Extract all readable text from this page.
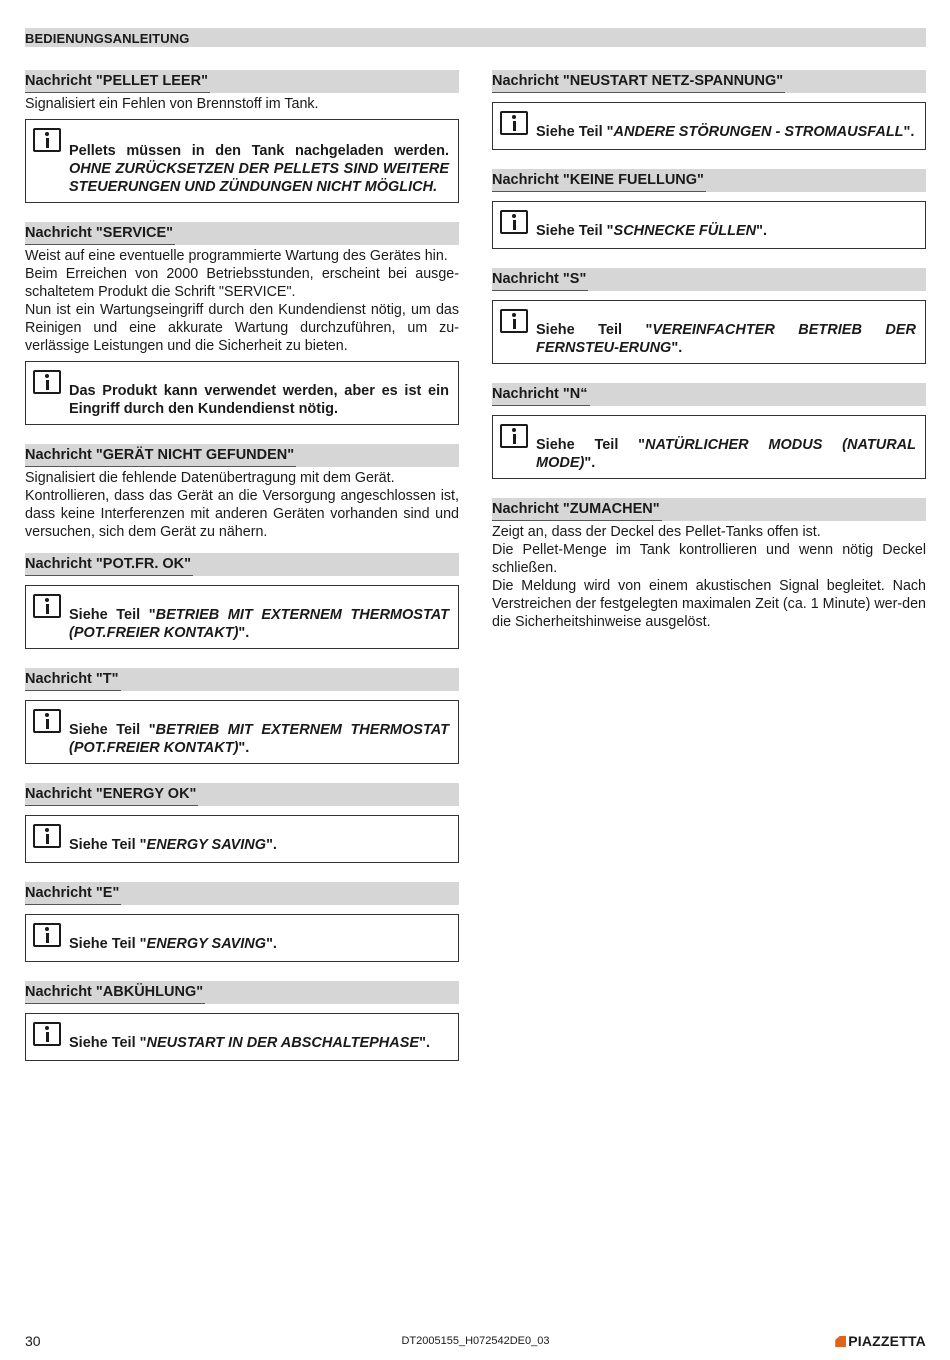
BEDIENUNGSANLEITUNG
Nachricht "PELLET LEER"

Signalisiert ein Fehlen von Brennstoff im Tank.

Pellets müssen in den Tank nachgeladen werden. OHNE ZURÜCKSETZEN DER PELLETS SIND WEITERE STEUERUNGEN UND ZÜNDUNGEN NICHT MÖGLICH.
Nachricht "SERVICE"

Weist auf eine eventuelle programmierte Wartung des Gerätes hin.

Beim Erreichen von 2000 Betriebsstunden, erscheint bei ausge-schaltetem Produkt die Schrift "SERVICE".

Nun ist ein Wartungseingriff durch den Kundendienst nötig, um das Reinigen und eine akkurate Wartung durchzuführen, um zu-verlässige Leistungen und die Sicherheit zu bieten.

Das Produkt kann verwendet werden, aber es ist ein Eingriff durch den Kundendienst nötig.
Nachricht "GERÄT NICHT GEFUNDEN"

Signalisiert die fehlende Datenübertragung mit dem Gerät.

Kontrollieren, dass das Gerät an die Versorgung angeschlossen ist, dass keine Interferenzen mit anderen Geräten vorhanden sind und versuchen, sich dem Gerät zu nähern.

Nachricht "POT.FR. OK"
Siehe Teil "BETRIEB MIT EXTERNEM THERMOSTAT (POT.FREIER KONTAKT)".
Nachricht "T"
Siehe Teil "BETRIEB MIT EXTERNEM THERMOSTAT (POT.FREIER KONTAKT)".
Nachricht "ENERGY OK"
Siehe Teil "ENERGY SAVING".
Nachricht "E"
Siehe Teil "ENERGY SAVING".
Nachricht "ABKÜHLUNG"
Siehe Teil "NEUSTART IN DER ABSCHALTEPHASE".
Nachricht "NEUSTART NETZ-SPANNUNG"
Siehe Teil "ANDERE STÖRUNGEN - STROMAUSFALL".
Nachricht "KEINE FUELLUNG"
Siehe Teil "SCHNECKE FÜLLEN".
Nachricht "S"
Siehe Teil "VEREINFACHTER BETRIEB DER FERNSTEU-ERUNG".
Nachricht "N“
Siehe Teil "NATÜRLICHER MODUS (NATURAL MODE)".
Nachricht "ZUMACHEN"

Zeigt an, dass der Deckel des Pellet-Tanks offen ist.

Die Pellet-Menge im Tank kontrollieren und wenn nötig Deckel schließen.

Die Meldung wird von einem akustischen Signal begleitet. Nach Verstreichen der festgelegten maximalen Zeit (ca. 1 Minute) wer-den die Sicherheitshinweise ausgelöst.

30	DT2005155_H072542DE0_03	PIAZZETTA
